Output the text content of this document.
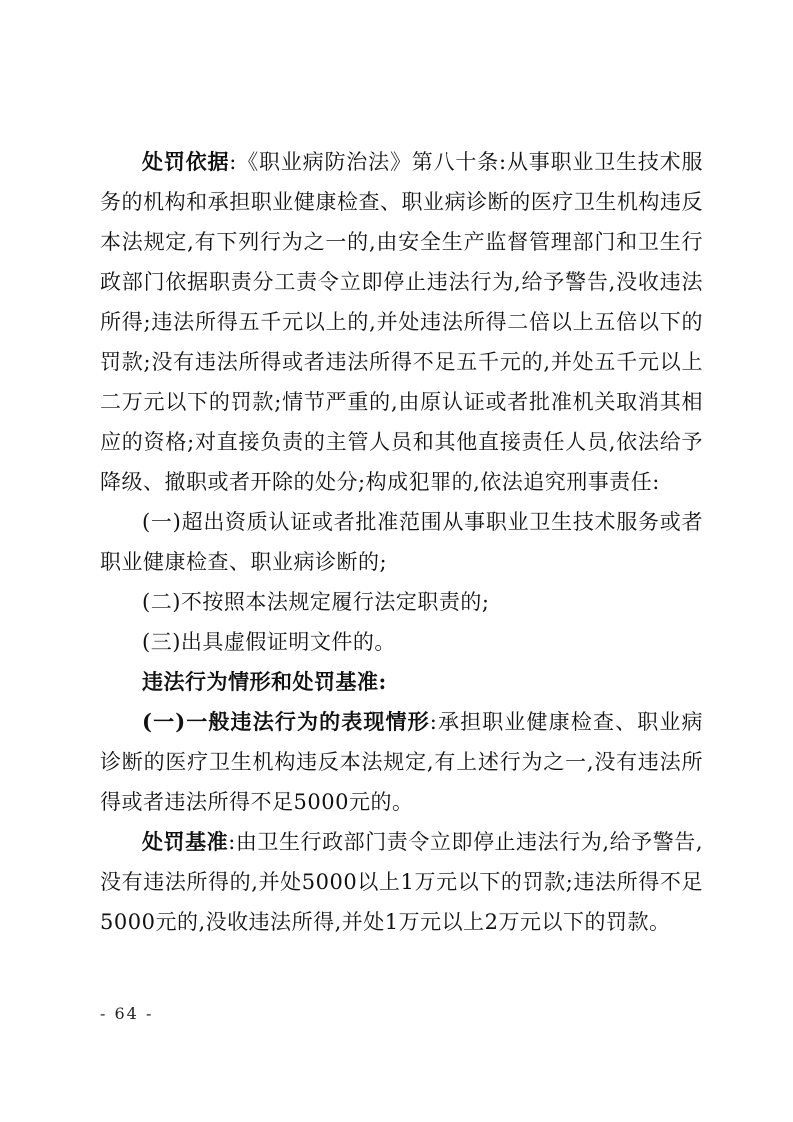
处罚依据:《职业病防治法》第八十条:从事职业卫生技术服务的机构和承担职业健康检查、职业病诊断的医疗卫生机构违反本法规定,有下列行为之一的,由安全生产监督管理部门和卫生行政部门依据职责分工责令立即停止违法行为,给予警告,没收违法所得;违法所得五千元以上的,并处违法所得二倍以上五倍以下的罚款;没有违法所得或者违法所得不足五千元的,并处五千元以上二万元以下的罚款;情节严重的,由原认证或者批准机关取消其相应的资格;对直接负责的主管人员和其他直接责任人员,依法给予降级、撤职或者开除的处分;构成犯罪的,依法追究刑事责任:

(一)超出资质认证或者批准范围从事职业卫生技术服务或者职业健康检查、职业病诊断的;

(二)不按照本法规定履行法定职责的;

(三)出具虚假证明文件的。

违法行为情形和处罚基准:

(一)一般违法行为的表现情形:承担职业健康检查、职业病诊断的医疗卫生机构违反本法规定,有上述行为之一,没有违法所得或者违法所得不足5000元的。

处罚基准:由卫生行政部门责令立即停止违法行为,给予警告,没有违法所得的,并处5000以上1万元以下的罚款;违法所得不足5000元的,没收违法所得,并处1万元以上2万元以下的罚款。

- 64 -
